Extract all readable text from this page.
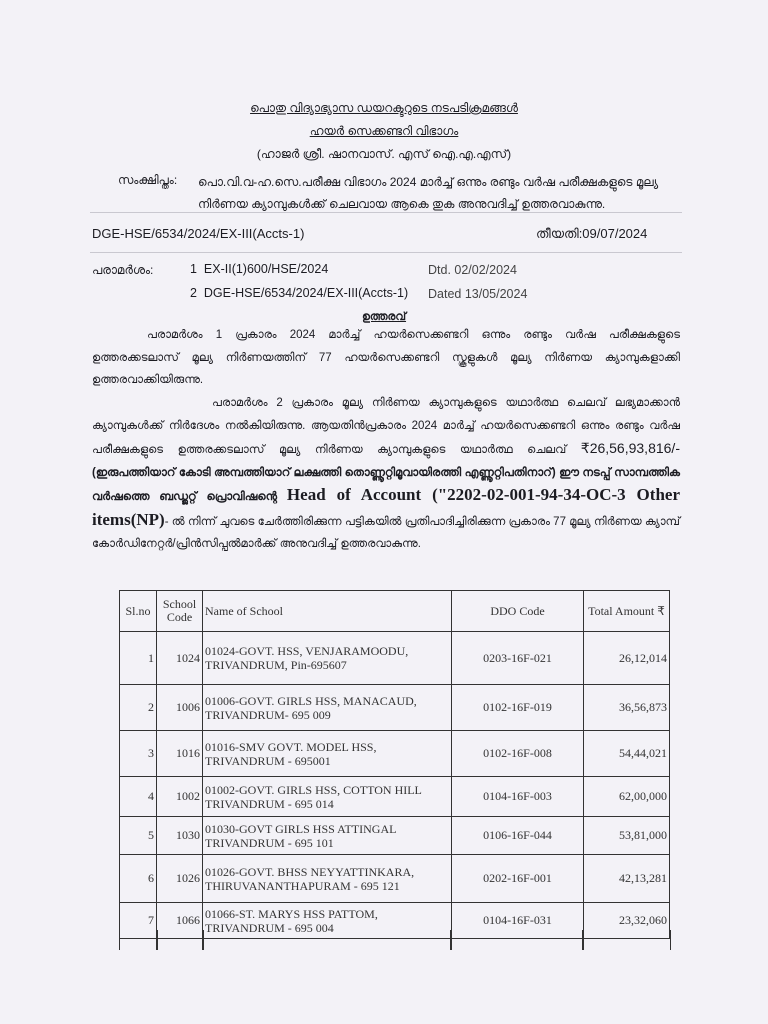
പൊതു വിദ്യാഭ്യാസ ഡയറക്ടറുടെ നടപടിക്രമങ്ങൾ
ഹയർ സെക്കണ്ടറി വിഭാഗം
(ഹാജർ ശ്രീ. ഷാനവാസ്. എസ് ഐ.എ.എസ്)
സംക്ഷിപ്തം: പൊ.വി.വ-ഹ.സെ.പരീക്ഷ വിഭാഗം 2024 മാർച്ച് ഒന്നും രണ്ടും വർഷ പരീക്ഷകളുടെ മൂല്യ നിർണയ ക്യാമ്പുകൾക്ക് ചെലവായ ആകെ തുക അനുവദിച്ച് ഉത്തരവാകുന്നു.
DGE-HSE/6534/2024/EX-III(Accts-1)	തീയതി:09/07/2024
പരാമർശം:	1 EX-II(1)600/HSE/2024	Dtd. 02/02/2024
2 DGE-HSE/6534/2024/EX-III(Accts-1) Dated 13/05/2024
ഉത്തരവ്
പരാമർശം 1 പ്രകാരം 2024 മാർച്ച് ഹയർസെക്കണ്ടറി ഒന്നും രണ്ടും വർഷ പരീക്ഷകളുടെ ഉത്തരക്കടലാസ് മൂല്യ നിർണയത്തിന് 77 ഹയർസെക്കണ്ടറി സ്കൂളുകൾ മൂല്യ നിർണയ ക്യാമ്പുകളാക്കി ഉത്തരവാക്കിയിരുന്നു.
പരാമർശം 2 പ്രകാരം മൂല്യ നിർണയ ക്യാമ്പുകളുടെ യഥാർത്ഥ ചെലവ് ലഭ്യമാക്കാൻ ക്യാമ്പുകൾക്ക് നിർദേശം നൽകിയിരുന്നു. ആയതിൻപ്രകാരം 2024 മാർച്ച് ഹയർസെക്കണ്ടറി ഒന്നും രണ്ടും വർഷ പരീക്ഷകളുടെ ഉത്തരക്കടലാസ് മൂല്യ നിർണയ ക്യാമ്പുകളുടെ യഥാർത്ഥ ചെലവ് ₹26,56,93,816/- (ഇരുപത്തിയാറ് കോടി അമ്പത്തിയാറ് ലക്ഷത്തി തൊണ്ണൂറ്റിമൂവായിരത്തി എണ്ണൂറ്റിപതിനാറ്) ഈ നടപ്പ് സാമ്പത്തിക വർഷത്തെ ബഡ്ജറ്റ് പ്രൊവിഷന്റെ Head of Account ("2202-02-001-94-34-OC-3 Other items(NP)- ൽ നിന്ന് ചുവടെ ചേർത്തിരിക്കുന്ന പട്ടികയിൽ പ്രതിപാദിച്ചിരിക്കുന്ന പ്രകാരം 77 മൂല്യ നിർണയ ക്യാമ്പ് കോർഡിനേറ്റർ/പ്രിൻസിപ്പൽമാർക്ക് അനുവദിച്ച് ഉത്തരവാകുന്നു.
Sl.no	School Code	Name of School	DDO Code	Total Amount ₹
1	1024	01024-GOVT. HSS, VENJARAMOODU, TRIVANDRUM, Pin-695607	0203-16F-021	26,12,014
2	1006	01006-GOVT. GIRLS HSS, MANACAUD, TRIVANDRUM- 695 009	0102-16F-019	36,56,873
3	1016	01016-SMV GOVT. MODEL HSS, TRIVANDRUM - 695001	0102-16F-008	54,44,021
4	1002	01002-GOVT. GIRLS HSS, COTTON HILL TRIVANDRUM - 695 014	0104-16F-003	62,00,000
5	1030	01030-GOVT GIRLS HSS ATTINGAL TRIVANDRUM - 695 101	0106-16F-044	53,81,000
6	1026	01026-GOVT. BHSS NEYYATTINKARA, THIRUVANANTHAPURAM - 695 121	0202-16F-001	42,13,281
7	1066	01066-ST. MARYS HSS PATTOM, TRIVANDRUM - 695 004	0104-16F-031	23,32,060
